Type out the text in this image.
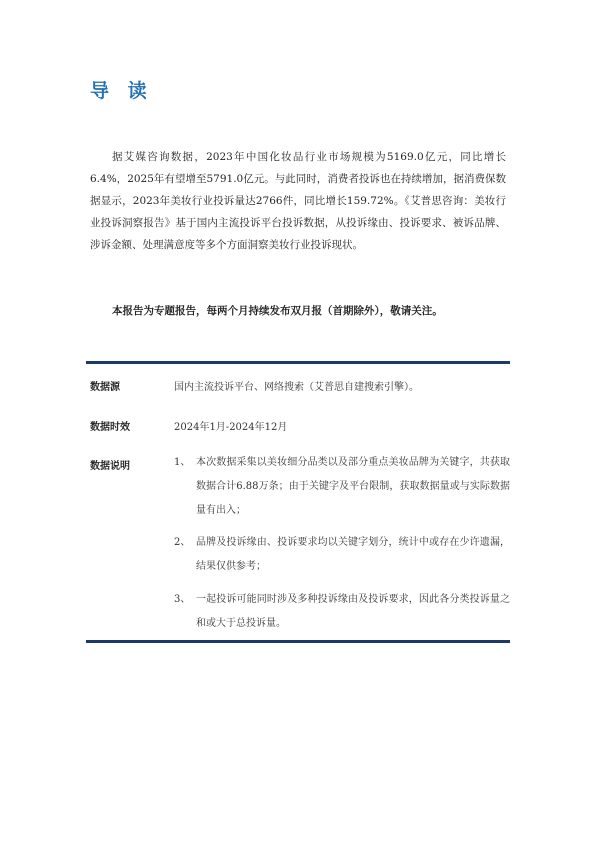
导 读

据艾媒咨询数据，2023年中国化妆品行业市场规模为5169.0亿元，同比增长6.4%，2025年有望增至5791.0亿元。与此同时，消费者投诉也在持续增加，据消费保数据显示，2023年美妆行业投诉量达2766件，同比增长159.72%。《艾普思咨询：美妆行业投诉洞察报告》基于国内主流投诉平台投诉数据，从投诉缘由、投诉要求、被诉品牌、涉诉金额、处理满意度等多个方面洞察美妆行业投诉现状。

本报告为专题报告，每两个月持续发布双月报（首期除外），敬请关注。

数据源	国内主流投诉平台、网络搜索（艾普思自建搜索引擎）。
数据时效	2024年1月-2024年12月
数据说明	1、 本次数据采集以美妆细分品类以及部分重点美妆品牌为关键字，共获取数据合计6.88万条；由于关键字及平台限制，获取数据量或与实际数据量有出入；
2、 品牌及投诉缘由、投诉要求均以关键字划分，统计中或存在少许遗漏，结果仅供参考；
3、 一起投诉可能同时涉及多种投诉缘由及投诉要求，因此各分类投诉量之和或大于总投诉量。
